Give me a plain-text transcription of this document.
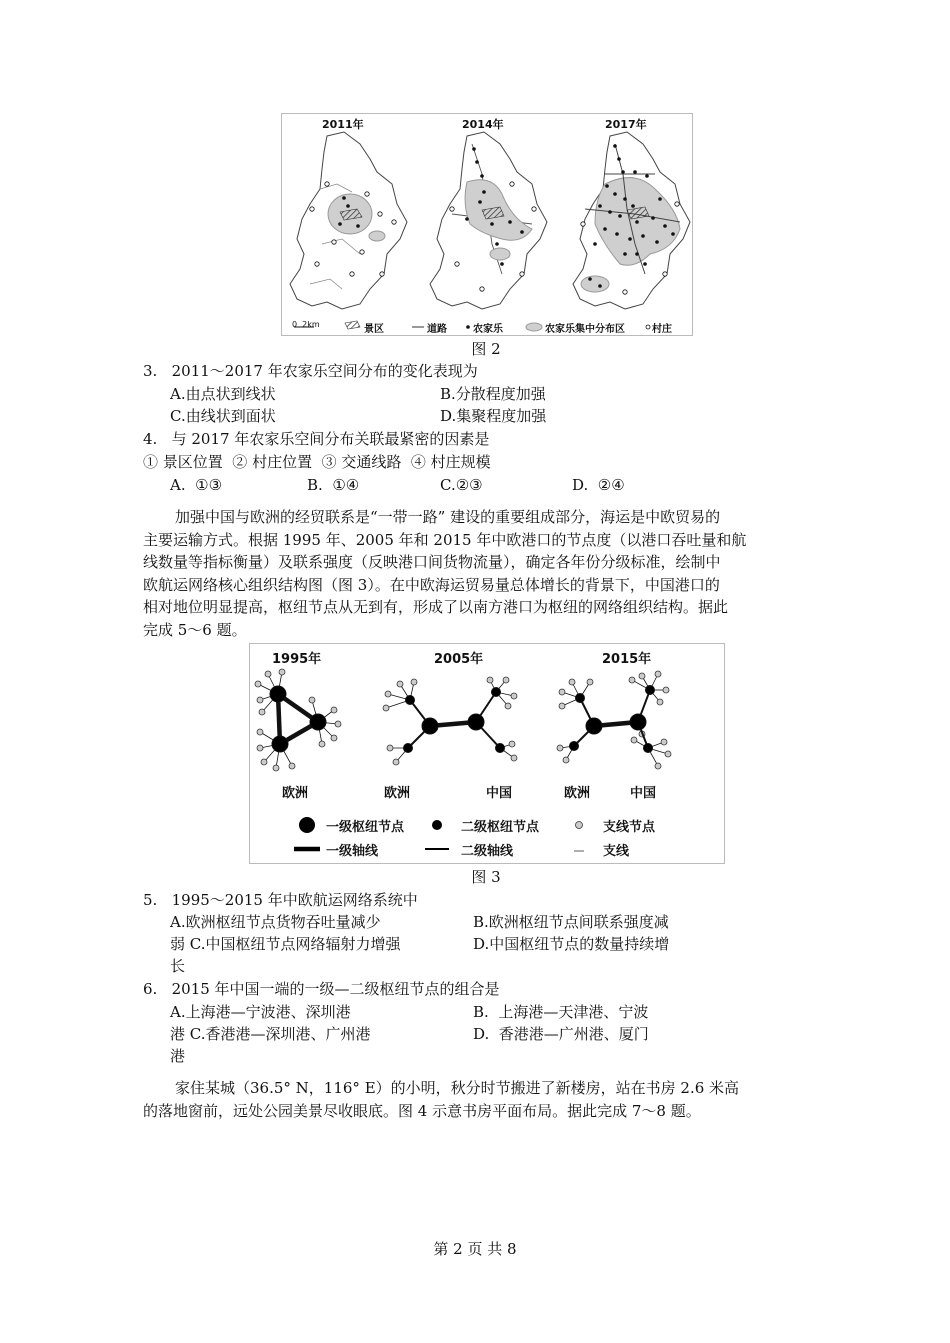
2011年	2014年	2017年
0  2km	景区	道路	农家乐	农家乐集中分布区	村庄
图 2
3.   2011～2017 年农家乐空间分布的变化表现为
A.由点状到线状	B.分散程度加强
C.由线状到面状	D.集聚程度加强
4.   与 2017 年农家乐空间分布关联最紧密的因素是
① 景区位置  ② 村庄位置  ③ 交通线路  ④ 村庄规模
A.  ①③	B.  ①④	C.②③	D.  ②④
加强中国与欧洲的经贸联系是“一带一路” 建设的重要组成部分，海运是中欧贸易的
主要运输方式。根据 1995 年、2005 年和 2015 年中欧港口的节点度（以港口吞吐量和航
线数量等指标衡量）及联系强度（反映港口间货物流量），确定各年份分级标准，绘制中
欧航运网络核心组织结构图（图 3）。在中欧海运贸易量总体增长的背景下，中国港口的
相对地位明显提高，枢纽节点从无到有，形成了以南方港口为枢纽的网络组织结构。据此
完成 5～6 题。
1995年	2005年	2015年
欧洲	欧洲	中国	欧洲	中国
一级枢纽节点	二级枢纽节点	支线节点
一级轴线	二级轴线	支线
图 3
5.   1995～2015 年中欧航运网络系统中
A.欧洲枢纽节点货物吞吐量减少	B.欧洲枢纽节点间联系强度减
弱 C.中国枢纽节点网络辐射力增强	D.中国枢纽节点的数量持续增
长
6.   2015 年中国一端的一级—二级枢纽节点的组合是
A.上海港—宁波港、深圳港	B.  上海港—天津港、宁波
港 C.香港港—深圳港、广州港	D.  香港港—广州港、厦门
港
家住某城（36.5° N，116° E）的小明，秋分时节搬进了新楼房，站在书房 2.6 米高
的落地窗前，远处公园美景尽收眼底。图 4 示意书房平面布局。据此完成 7～8 题。
第 2 页 共 8
